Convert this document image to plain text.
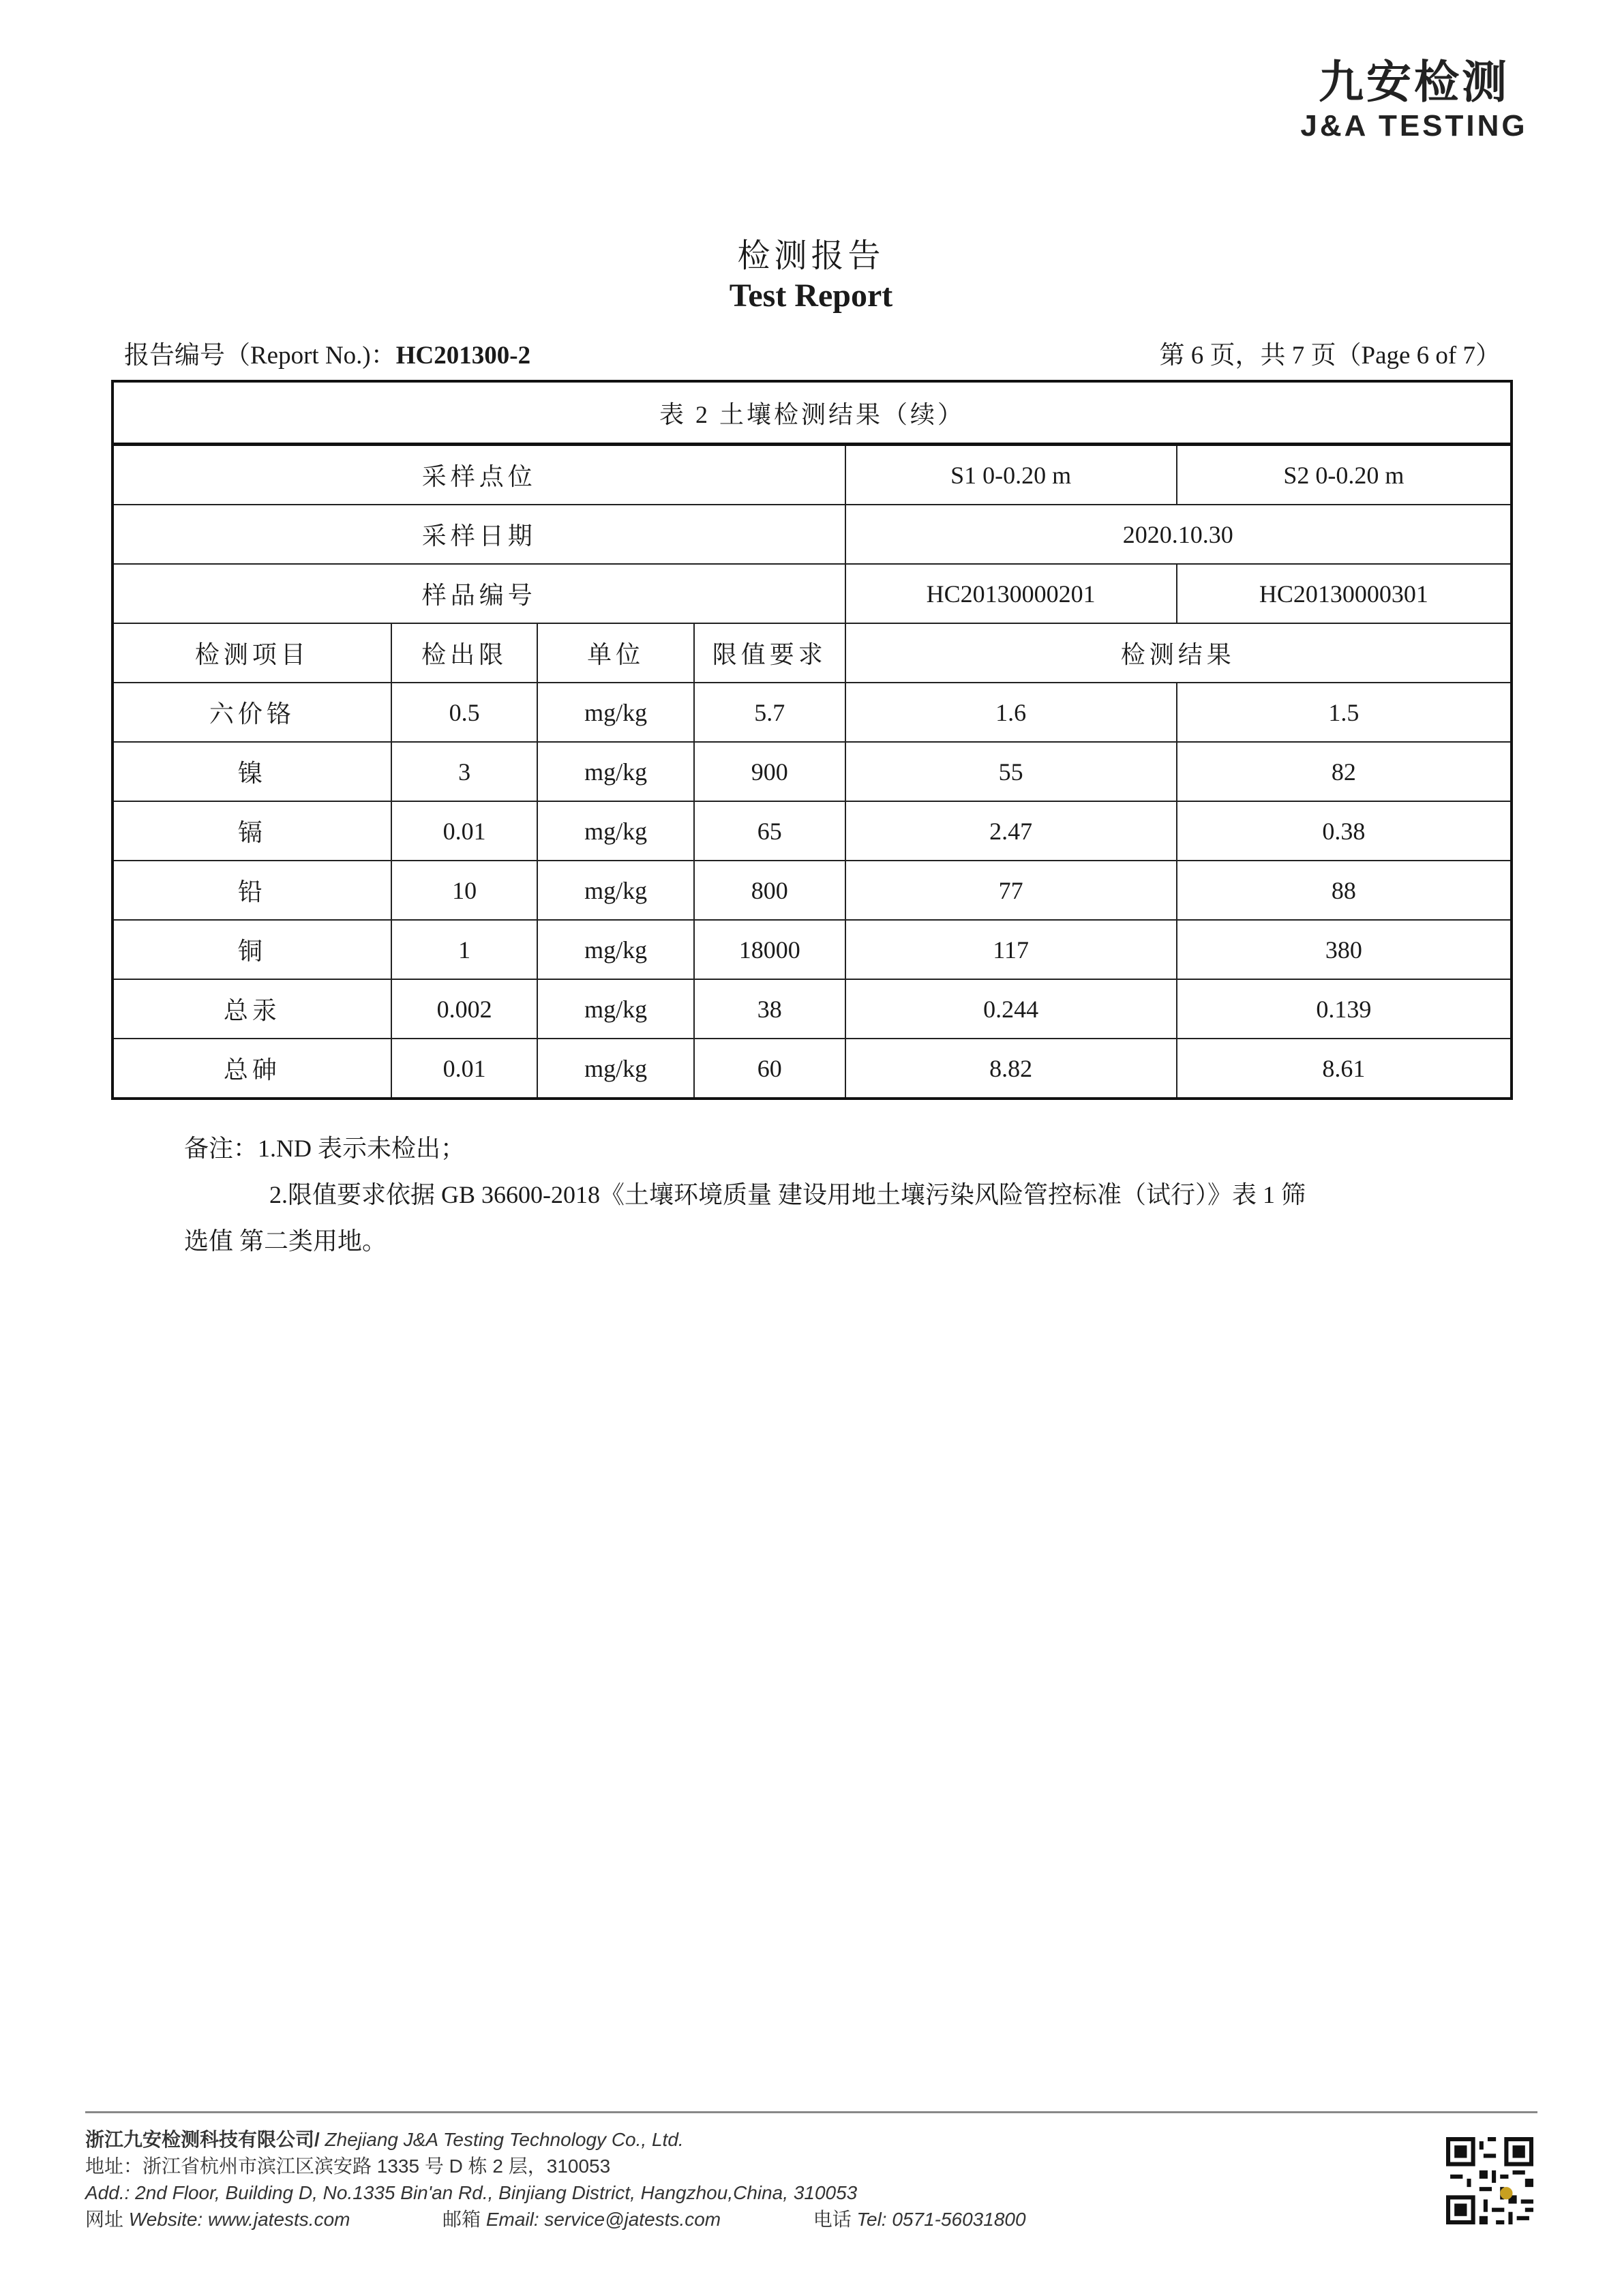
九安检测
J&A TESTING
检测报告
Test Report
报告编号（Report No.)：HC201300-2	第 6 页，共 7 页（Page 6 of 7）
表 2 土壤检测结果（续）					
采样点位				S1 0-0.20 m	S2 0-0.20 m
采样日期				2020.10.30	
样品编号				HC20130000201	HC20130000301
检测项目	检出限	单位	限值要求	检测结果	
六价铬	0.5	mg/kg	5.7	1.6	1.5
镍	3	mg/kg	900	55	82
镉	0.01	mg/kg	65	2.47	0.38
铅	10	mg/kg	800	77	88
铜	1	mg/kg	18000	117	380
总汞	0.002	mg/kg	38	0.244	0.139
总砷	0.01	mg/kg	60	8.82	8.61
备注：1.ND 表示未检出；
2.限值要求依据 GB 36600-2018《土壤环境质量 建设用地土壤污染风险管控标准（试行）》表 1 筛
选值 第二类用地。
浙江九安检测科技有限公司/ Zhejiang J&A Testing Technology Co., Ltd.
地址：浙江省杭州市滨江区滨安路 1335 号 D 栋 2 层，310053
Add.: 2nd Floor, Building D, No.1335 Bin'an Rd., Binjiang District, Hangzhou,China, 310053
网址 Website: www.jatests.com	邮箱 Email: service@jatests.com	电话 Tel: 0571-56031800
